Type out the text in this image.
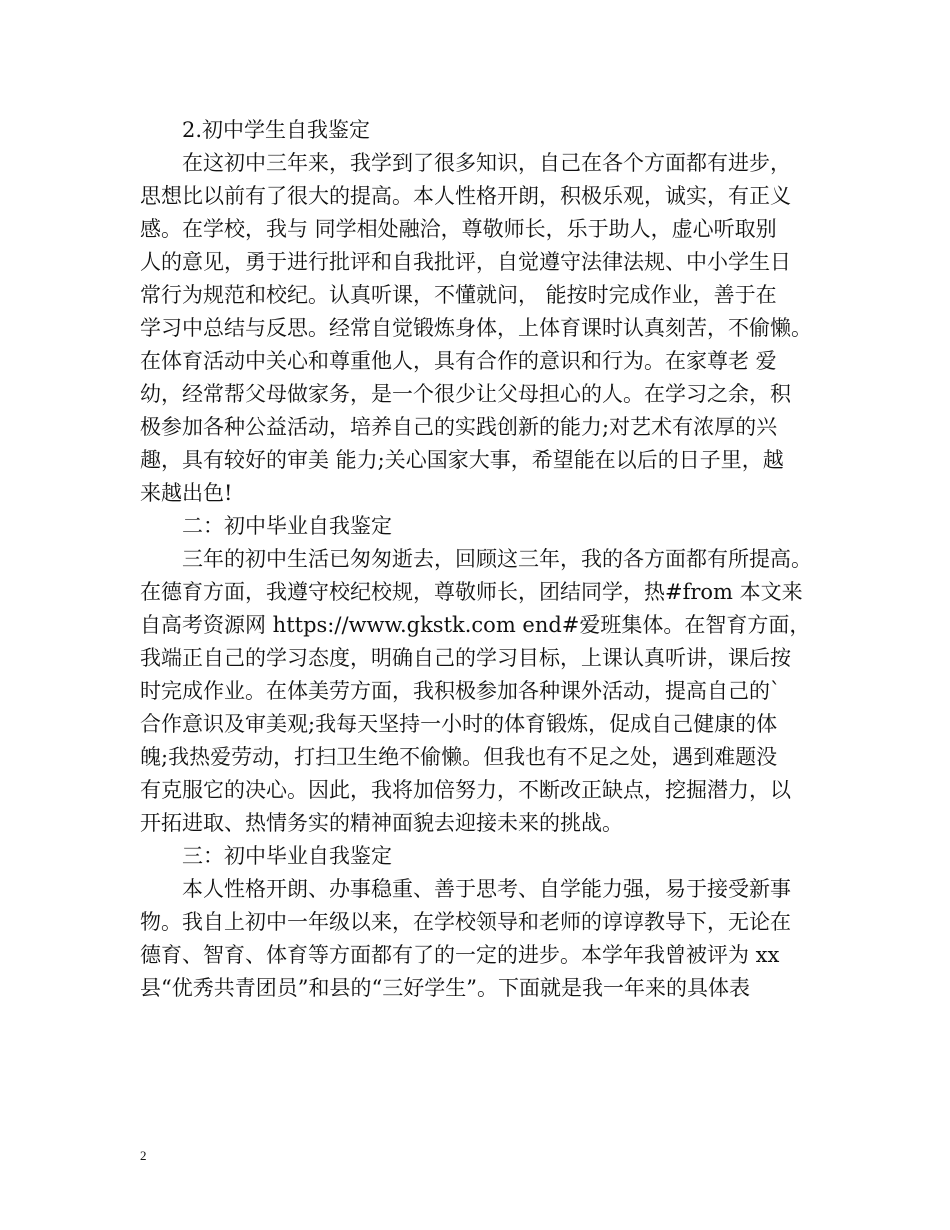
2.初中学生自我鉴定
在这初中三年来，我学到了很多知识，自己在各个方面都有进步，
思想比以前有了很大的提高。本人性格开朗，积极乐观，诚实，有正义
感。在学校，我与 同学相处融洽，尊敬师长，乐于助人，虚心听取别
人的意见，勇于进行批评和自我批评，自觉遵守法律法规、中小学生日
常行为规范和校纪。认真听课，不懂就问， 能按时完成作业，善于在
学习中总结与反思。经常自觉锻炼身体，上体育课时认真刻苦，不偷懒。
在体育活动中关心和尊重他人，具有合作的意识和行为。在家尊老 爱
幼，经常帮父母做家务，是一个很少让父母担心的人。在学习之余，积
极参加各种公益活动，培养自己的实践创新的能力;对艺术有浓厚的兴
趣，具有较好的审美 能力;关心国家大事，希望能在以后的日子里，越
来越出色!
二：初中毕业自我鉴定
三年的初中生活已匆匆逝去，回顾这三年，我的各方面都有所提高。
在德育方面，我遵守校纪校规，尊敬师长，团结同学，热#from 本文来
自高考资源网 https://www.gkstk.com end#爱班集体。在智育方面，
我端正自己的学习态度，明确自己的学习目标，上课认真听讲，课后按
时完成作业。在体美劳方面，我积极参加各种课外活动，提高自己的`
合作意识及审美观;我每天坚持一小时的体育锻炼，促成自己健康的体
魄;我热爱劳动，打扫卫生绝不偷懒。但我也有不足之处，遇到难题没
有克服它的决心。因此，我将加倍努力，不断改正缺点，挖掘潜力，以
开拓进取、热情务实的精神面貌去迎接未来的挑战。
三：初中毕业自我鉴定
本人性格开朗、办事稳重、善于思考、自学能力强，易于接受新事
物。我自上初中一年级以来，在学校领导和老师的谆谆教导下，无论在
德育、智育、体育等方面都有了的一定的进步。本学年我曾被评为 xx
县“优秀共青团员”和县的“三好学生”。下面就是我一年来的具体表
2
